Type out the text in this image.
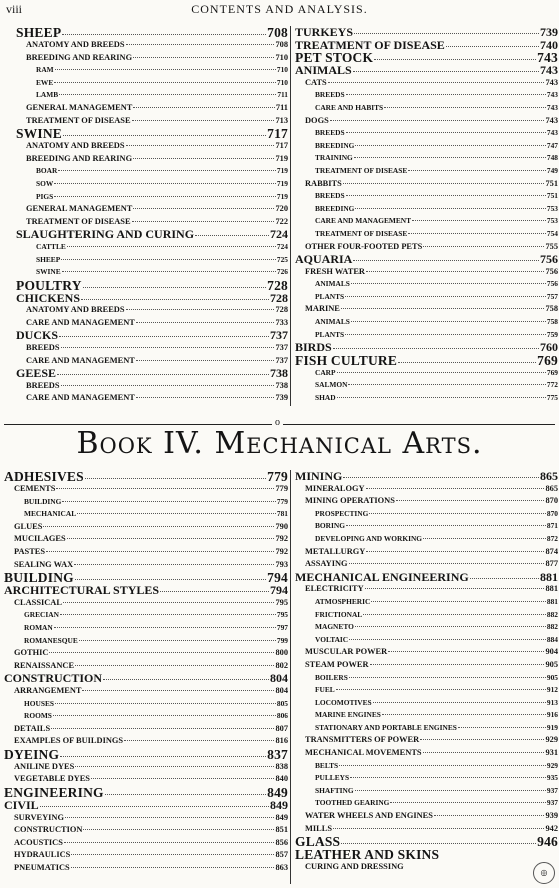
viii	CONTENTS AND ANALYSIS.
SHEEP	708
ANATOMY AND BREEDS	708
BREEDING AND REARING	710
RAM	710
EWE	710
LAMB	711
GENERAL MANAGEMENT	711
TREATMENT OF DISEASE	713
SWINE	717
ANATOMY AND BREEDS	717
BREEDING AND REARING	719
BOAR	719
SOW	719
PIGS	719
GENERAL MANAGEMENT	720
TREATMENT OF DISEASE	722
SLAUGHTERING AND CURING	724
CATTLE	724
SHEEP	725
SWINE	726
POULTRY	728
CHICKENS	728
ANATOMY AND BREEDS	728
CARE AND MANAGEMENT	733
DUCKS	737
BREEDS	737
CARE AND MANAGEMENT	737
GEESE	738
BREEDS	738
CARE AND MANAGEMENT	739
TURKEYS	739
TREATMENT OF DISEASE	740
PET STOCK	743
ANIMALS	743
CATS	743
BREEDS	743
CARE AND HABITS	743
DOGS	743
BREEDS	743
BREEDING	747
TRAINING	748
TREATMENT OF DISEASE	749
RABBITS	751
BREEDS	751
BREEDING	753
CARE AND MANAGEMENT	753
TREATMENT OF DISEASE	754
OTHER FOUR-FOOTED PETS	755
AQUARIA	756
FRESH WATER	756
ANIMALS	756
PLANTS	757
MARINE	758
ANIMALS	758
PLANTS	759
BIRDS	760
FISH CULTURE	769
CARP	769
SALMON	772
SHAD	775
o
Book IV. Mechanical Arts.
ADHESIVES	779
CEMENTS	779
BUILDING	779
MECHANICAL	781
GLUES	790
MUCILAGES	792
PASTES	792
SEALING WAX	793
BUILDING	794
ARCHITECTURAL STYLES	794
CLASSICAL	795
GRECIAN	795
ROMAN	797
ROMANESQUE	799
GOTHIC	800
RENAISSANCE	802
CONSTRUCTION	804
ARRANGEMENT	804
HOUSES	805
ROOMS	806
DETAILS	807
EXAMPLES OF BUILDINGS	816
DYEING	837
ANILINE DYES	838
VEGETABLE DYES	840
ENGINEERING	849
CIVIL	849
SURVEYING	849
CONSTRUCTION	851
ACOUSTICS	856
HYDRAULICS	857
PNEUMATICS	863
MINING	865
MINERALOGY	865
MINING OPERATIONS	870
PROSPECTING	870
BORING	871
DEVELOPING AND WORKING	872
METALLURGY	874
ASSAYING	877
MECHANICAL ENGINEERING	881
ELECTRICITY	881
ATMOSPHERIC	881
FRICTIONAL	882
MAGNETO	882
VOLTAIC	884
MUSCULAR POWER	904
STEAM POWER	905
BOILERS	905
FUEL	912
LOCOMOTIVES	913
MARINE ENGINES	916
STATIONARY AND PORTABLE ENGINES	919
TRANSMITTERS OF POWER	929
MECHANICAL MOVEMENTS	931
BELTS	929
PULLEYS	935
SHAFTING	937
TOOTHED GEARING	937
WATER WHEELS AND ENGINES	939
MILLS	942
GLASS	946
LEATHER AND SKINS
CURING AND DRESSING
◎
